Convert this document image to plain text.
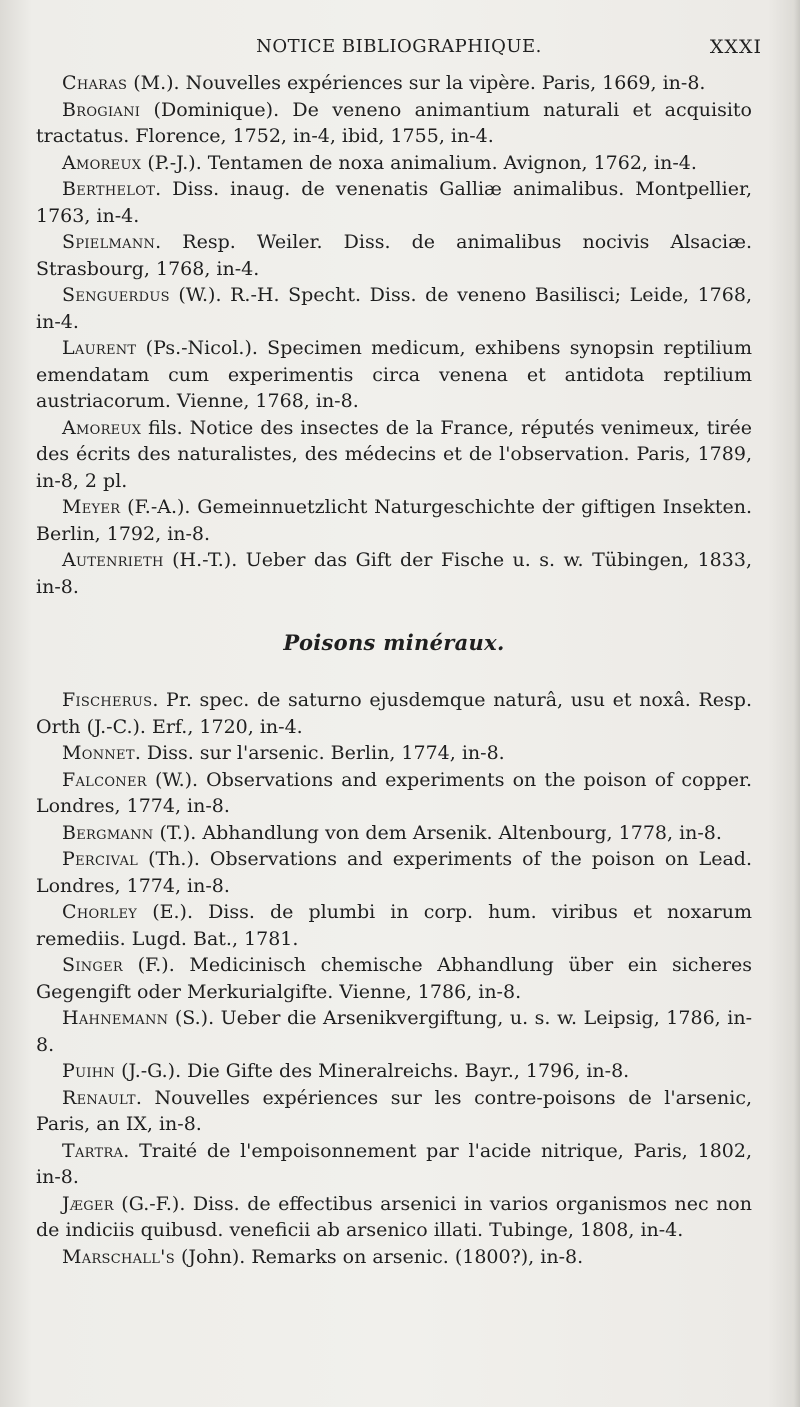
NOTICE BIBLIOGRAPHIQUE.	XXXI

Charas (M.). Nouvelles expériences sur la vipère. Paris, 1669, in-8.

Brogiani (Dominique). De veneno animantium naturali et acquisito tractatus. Florence, 1752, in-4, ibid, 1755, in-4.

Amoreux (P.-J.). Tentamen de noxa animalium. Avignon, 1762, in-4.

Berthelot. Diss. inaug. de venenatis Galliæ animalibus. Montpellier, 1763, in-4.

Spielmann. Resp. Weiler. Diss. de animalibus nocivis Alsaciæ. Strasbourg, 1768, in-4.

Senguerdus (W.). R.-H. Specht. Diss. de veneno Basilisci; Leide, 1768, in-4.

Laurent (Ps.-Nicol.). Specimen medicum, exhibens synopsin reptilium emendatam cum experimentis circa venena et antidota reptilium austriacorum. Vienne, 1768, in-8.

Amoreux fils. Notice des insectes de la France, réputés venimeux, tirée des écrits des naturalistes, des médecins et de l'observation. Paris, 1789, in-8, 2 pl.

Meyer (F.-A.). Gemeinnuetzlicht Naturgeschichte der giftigen Insekten. Berlin, 1792, in-8.

Autenrieth (H.-T.). Ueber das Gift der Fische u. s. w. Tübingen, 1833, in-8.

Poisons minéraux.

Fischerus. Pr. spec. de saturno ejusdemque naturâ, usu et noxâ. Resp. Orth (J.-C.). Erf., 1720, in-4.

Monnet. Diss. sur l'arsenic. Berlin, 1774, in-8.

Falconer (W.). Observations and experiments on the poison of copper. Londres, 1774, in-8.

Bergmann (T.). Abhandlung von dem Arsenik. Altenbourg, 1778, in-8.

Percival (Th.). Observations and experiments of the poison on Lead. Londres, 1774, in-8.

Chorley (E.). Diss. de plumbi in corp. hum. viribus et noxarum remediis. Lugd. Bat., 1781.

Singer (F.). Medicinisch chemische Abhandlung über ein sicheres Gegengift oder Merkurialgifte. Vienne, 1786, in-8.

Hahnemann (S.). Ueber die Arsenikvergiftung, u. s. w. Leipsig, 1786, in-8.

Puihn (J.-G.). Die Gifte des Mineralreichs. Bayr., 1796, in-8.

Renault. Nouvelles expériences sur les contre-poisons de l'arsenic, Paris, an IX, in-8.

Tartra. Traité de l'empoisonnement par l'acide nitrique, Paris, 1802, in-8.

Jæger (G.-F.). Diss. de effectibus arsenici in varios organismos nec non de indiciis quibusd. veneficii ab arsenico illati. Tubinge, 1808, in-4.

Marschall's (John). Remarks on arsenic. (1800?), in-8.
